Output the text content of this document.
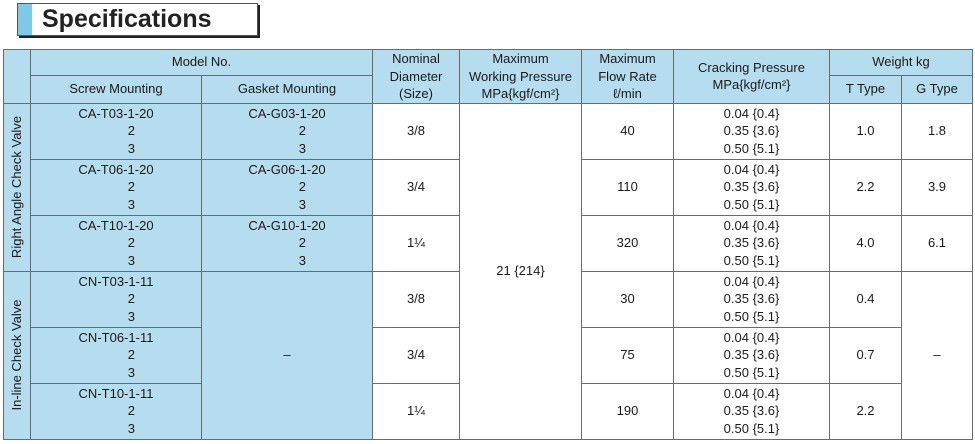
Specifications
	Model No.		Nominal
Diameter
(Size)	Maximum
Working Pressure
MPa{kgf/cm²}	Maximum
Flow Rate
ℓ/min	Cracking Pressure
MPa{kgf/cm²}	Weight kg	
	Screw Mounting	Gasket Mounting					T Type	G Type

Right Angle Check Valve	CA-T03-1-20
2
3	CA-G03-1-20
2
3	3/8	21 {214}	40	0.04 {0.4}
0.35 {3.6}
0.50 {5.1}	1.0	1.8

	CA-T06-1-20
2
3	CA-G06-1-20
2
3	3/4		110	0.04 {0.4}
0.35 {3.6}
0.50 {5.1}	2.2	3.9

	CA-T10-1-20
2
3	CA-G10-1-20
2
3	1¼		320	0.04 {0.4}
0.35 {3.6}
0.50 {5.1}	4.0	6.1

In-line Check Valve	CN-T03-1-11
2
3	–	3/8		30	0.04 {0.4}
0.35 {3.6}
0.50 {5.1}	0.4	–

	CN-T06-1-11
2
3		3/4		75	0.04 {0.4}
0.35 {3.6}
0.50 {5.1}	0.7	

	CN-T10-1-11
2
3		1¼		190	0.04 {0.4}
0.35 {3.6}
0.50 {5.1}	2.2	
